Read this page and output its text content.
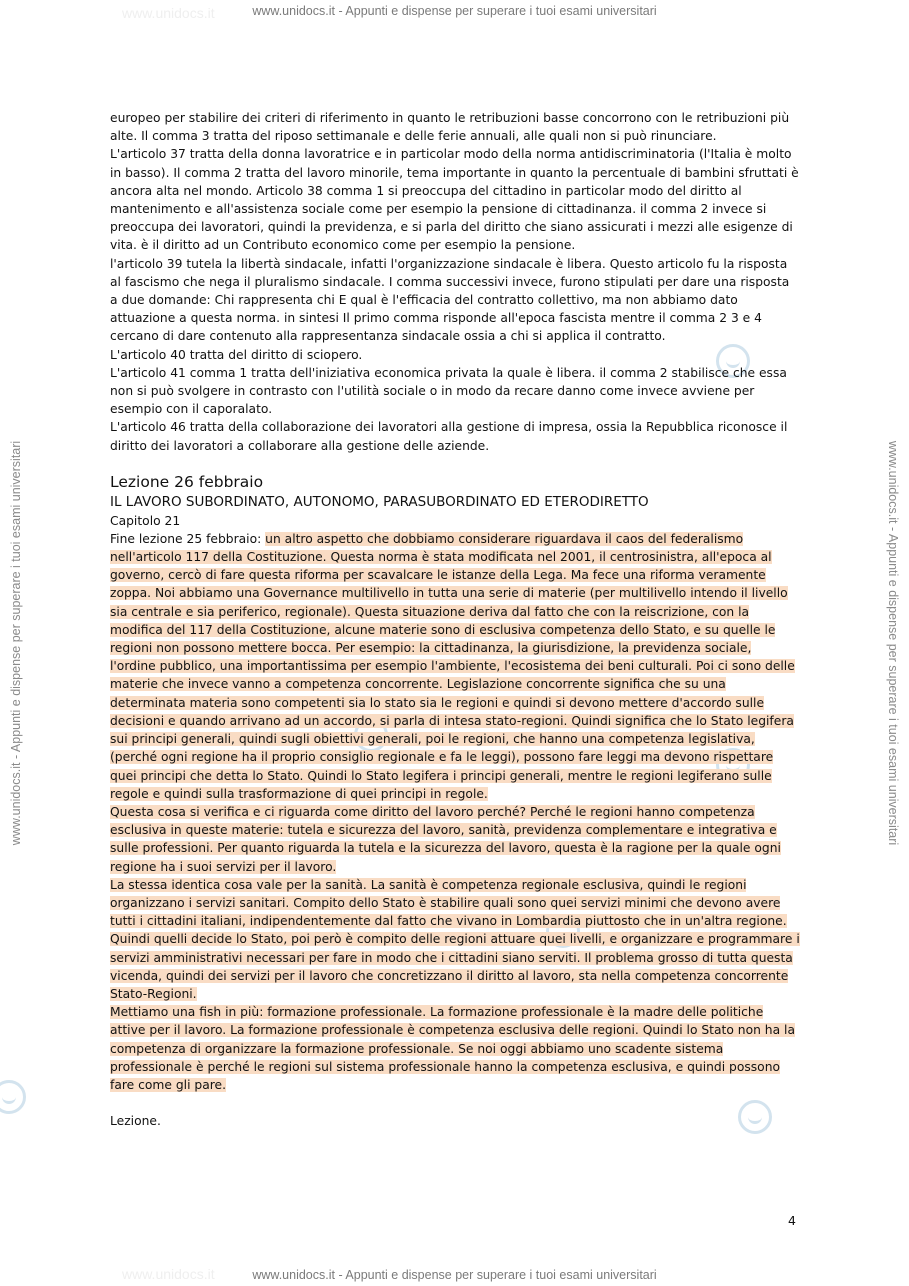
www.unidocs.it - Appunti e dispense per superare i tuoi esami universitari
www.unidocs.it - Appunti e dispense per superare i tuoi esami universitari
www.unidocs.it - Appunti e dispense per superare i tuoi esami universitari	www.unidocs.it - Appunti e dispense per superare i tuoi esami universitari
www.unidocs.it
www.unidocs.it

europeo per stabilire dei criteri di riferimento in quanto le retribuzioni basse concorrono con le retribuzioni più alte. Il comma 3 tratta del riposo settimanale e delle ferie annuali, alle quali non si può rinunciare.

L'articolo 37 tratta della donna lavoratrice e in particolar modo della norma antidiscriminatoria (l'Italia è molto in basso). Il comma 2 tratta del lavoro minorile, tema importante in quanto la percentuale di bambini sfruttati è ancora alta nel mondo. Articolo 38 comma 1 si preoccupa del cittadino in particolar modo del diritto al mantenimento e all'assistenza sociale come per esempio la pensione di cittadinanza. il comma 2 invece si preoccupa dei lavoratori, quindi la previdenza, e si parla del diritto che siano assicurati i mezzi alle esigenze di vita. è il diritto ad un Contributo economico come per esempio la pensione.

l'articolo 39 tutela la libertà sindacale, infatti l'organizzazione sindacale è libera. Questo articolo fu la risposta al fascismo che nega il pluralismo sindacale. I comma successivi invece, furono stipulati per dare una risposta a due domande: Chi rappresenta chi E qual è l'efficacia del contratto collettivo, ma non abbiamo dato attuazione a questa norma. in sintesi Il primo comma risponde all'epoca fascista mentre il comma 2 3 e 4 cercano di dare contenuto alla rappresentanza sindacale ossia a chi si applica il contratto.

L'articolo 40 tratta del diritto di sciopero.

L'articolo 41 comma 1 tratta dell'iniziativa economica privata la quale è libera. il comma 2 stabilisce che essa non si può svolgere in contrasto con l'utilità sociale o in modo da recare danno come invece avviene per esempio con il caporalato.

L'articolo 46 tratta della collaborazione dei lavoratori alla gestione di impresa, ossia la Repubblica riconosce il diritto dei lavoratori a collaborare alla gestione delle aziende.

Lezione 26 febbraio

IL LAVORO SUBORDINATO, AUTONOMO, PARASUBORDINATO ED ETERODIRETTO

Capitolo 21

Fine lezione 25 febbraio: un altro aspetto che dobbiamo considerare riguardava il caos del federalismo nell'articolo 117 della Costituzione. Questa norma è stata modificata nel 2001, il centrosinistra, all'epoca al governo, cercò di fare questa riforma per scavalcare le istanze della Lega. Ma fece una riforma veramente zoppa. Noi abbiamo una Governance multilivello in tutta una serie di materie (per multilivello intendo il livello sia centrale e sia periferico, regionale). Questa situazione deriva dal fatto che con la reiscrizione, con la modifica del 117 della Costituzione, alcune materie sono di esclusiva competenza dello Stato, e su quelle le regioni non possono mettere bocca. Per esempio: la cittadinanza, la giurisdizione, la previdenza sociale, l'ordine pubblico, una importantissima per esempio l'ambiente, l'ecosistema dei beni culturali. Poi ci sono delle materie che invece vanno a competenza concorrente. Legislazione concorrente significa che su una determinata materia sono competenti sia lo stato sia le regioni e quindi si devono mettere d'accordo sulle decisioni e quando arrivano ad un accordo, si parla di intesa stato-regioni. Quindi significa che lo Stato legifera sui principi generali, quindi sugli obiettivi generali, poi le regioni, che hanno una competenza legislativa, (perché ogni regione ha il proprio consiglio regionale e fa le leggi), possono fare leggi ma devono rispettare quei principi che detta lo Stato. Quindi lo Stato legifera i principi generali, mentre le regioni legiferano sulle regole e quindi sulla trasformazione di quei principi in regole.

Questa cosa si verifica e ci riguarda come diritto del lavoro perché? Perché le regioni hanno competenza esclusiva in queste materie: tutela e sicurezza del lavoro, sanità, previdenza complementare e integrativa e sulle professioni. Per quanto riguarda la tutela e la sicurezza del lavoro, questa è la ragione per la quale ogni regione ha i suoi servizi per il lavoro.

La stessa identica cosa vale per la sanità. La sanità è competenza regionale esclusiva, quindi le regioni organizzano i servizi sanitari. Compito dello Stato è stabilire quali sono quei servizi minimi che devono avere tutti i cittadini italiani, indipendentemente dal fatto che vivano in Lombardia piuttosto che in un'altra regione. Quindi quelli decide lo Stato, poi però è compito delle regioni attuare quei livelli, e organizzare e programmare i servizi amministrativi necessari per fare in modo che i cittadini siano serviti. Il problema grosso di tutta questa vicenda, quindi dei servizi per il lavoro che concretizzano il diritto al lavoro, sta nella competenza concorrente Stato-Regioni.

Mettiamo una fish in più: formazione professionale. La formazione professionale è la madre delle politiche attive per il lavoro. La formazione professionale è competenza esclusiva delle regioni. Quindi lo Stato non ha la competenza di organizzare la formazione professionale. Se noi oggi abbiamo uno scadente sistema professionale è perché le regioni sul sistema professionale hanno la competenza esclusiva, e quindi possono fare come gli pare.

Lezione.

4
